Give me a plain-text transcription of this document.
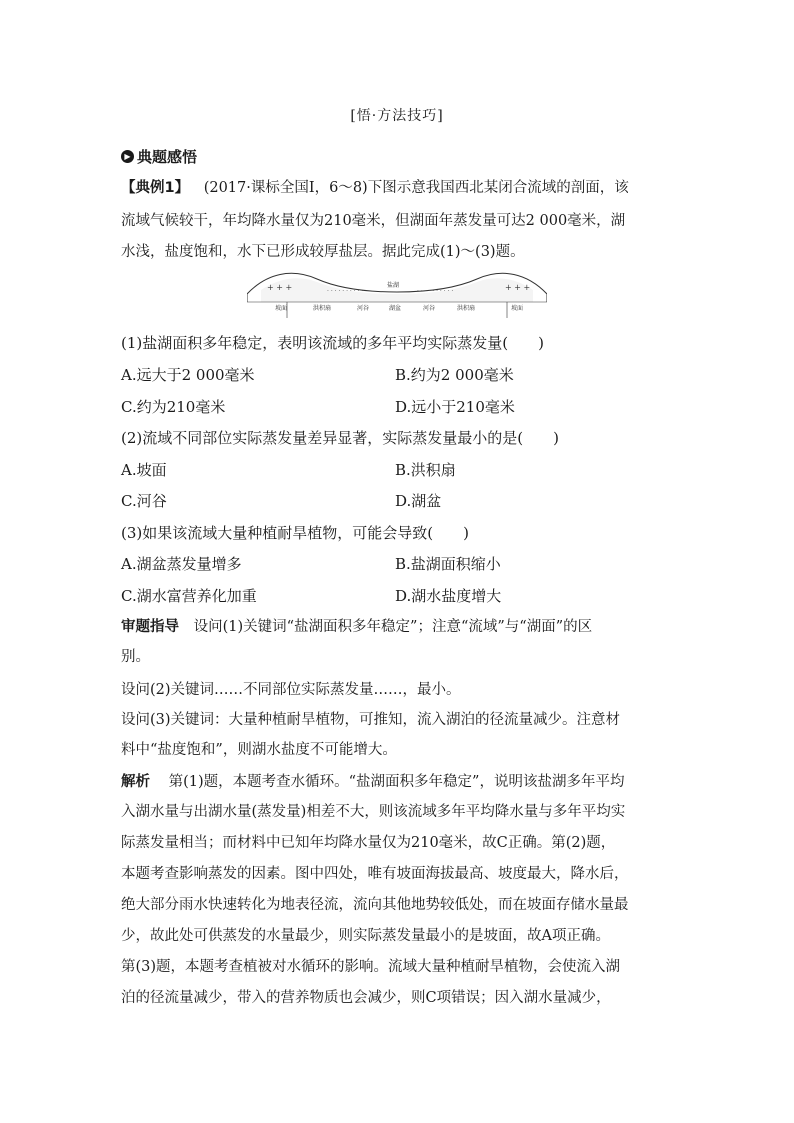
[悟·方法技巧]
▶ 典题感悟
【典例1】 (2017·课标全国Ⅰ，6～8)下图示意我国西北某闭合流域的剖面，该
流域气候较干，年均降水量仅为210毫米，但湖面年蒸发量可达2 000毫米，湖
水浅，盐度饱和，水下已形成较厚盐层。据此完成(1)～(3)题。
+ + +	+ + +
· · · · · · · · · ·	· · · · · · · · · ·
盐湖
坡面	洪积扇	河谷	湖盆	河谷	洪积扇	坡面
(1)盐湖面积多年稳定，表明该流域的多年平均实际蒸发量(　　)
A.远大于2 000毫米	B.约为2 000毫米
C.约为210毫米	D.远小于210毫米
(2)流域不同部位实际蒸发量差异显著，实际蒸发量最小的是(　　)
A.坡面	B.洪积扇
C.河谷	D.湖盆
(3)如果该流域大量种植耐旱植物，可能会导致(　　)
A.湖盆蒸发量增多	B.盐湖面积缩小
C.湖水富营养化加重	D.湖水盐度增大
审题指导 设问(1)关键词“盐湖面积多年稳定”；注意“流域”与“湖面”的区
别。
设问(2)关键词……不同部位实际蒸发量……，最小。
设问(3)关键词：大量种植耐旱植物，可推知，流入湖泊的径流量减少。注意材
料中“盐度饱和”，则湖水盐度不可能增大。
解析 第(1)题，本题考查水循环。“盐湖面积多年稳定”，说明该盐湖多年平均
入湖水量与出湖水量(蒸发量)相差不大，则该流域多年平均降水量与多年平均实
际蒸发量相当；而材料中已知年均降水量仅为210毫米，故C正确。第(2)题，
本题考查影响蒸发的因素。图中四处，唯有坡面海拔最高、坡度最大，降水后，
绝大部分雨水快速转化为地表径流，流向其他地势较低处，而在坡面存储水量最
少，故此处可供蒸发的水量最少，则实际蒸发量最小的是坡面，故A项正确。
第(3)题，本题考查植被对水循环的影响。流域大量种植耐旱植物，会使流入湖
泊的径流量减少，带入的营养物质也会减少，则C项错误；因入湖水量减少，
